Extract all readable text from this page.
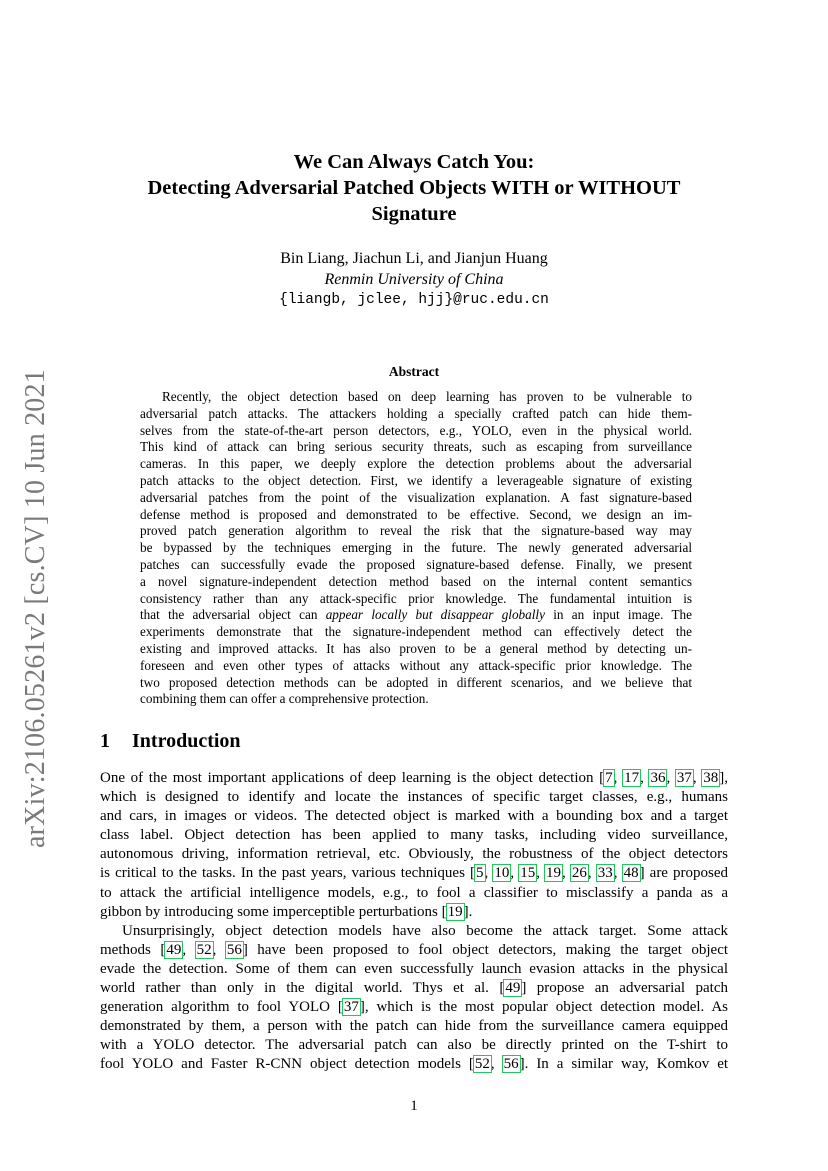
arXiv:2106.05261v2 [cs.CV] 10 Jun 2021
We Can Always Catch You:
Detecting Adversarial Patched Objects WITH or WITHOUT
Signature
Bin Liang, Jiachun Li, and Jianjun Huang
Renmin University of China
{liangb, jclee, hjj}@ruc.edu.cn
Abstract
Recently, the object detection based on deep learning has proven to be vulnerable to
adversarial patch attacks. The attackers holding a specially crafted patch can hide them-
selves from the state-of-the-art person detectors, e.g., YOLO, even in the physical world.
This kind of attack can bring serious security threats, such as escaping from surveillance
cameras. In this paper, we deeply explore the detection problems about the adversarial
patch attacks to the object detection. First, we identify a leverageable signature of existing
adversarial patches from the point of the visualization explanation. A fast signature-based
defense method is proposed and demonstrated to be effective. Second, we design an im-
proved patch generation algorithm to reveal the risk that the signature-based way may
be bypassed by the techniques emerging in the future. The newly generated adversarial
patches can successfully evade the proposed signature-based defense. Finally, we present
a novel signature-independent detection method based on the internal content semantics
consistency rather than any attack-specific prior knowledge. The fundamental intuition is
that the adversarial object can appear locally but disappear globally in an input image. The
experiments demonstrate that the signature-independent method can effectively detect the
existing and improved attacks. It has also proven to be a general method by detecting un-
foreseen and even other types of attacks without any attack-specific prior knowledge. The
two proposed detection methods can be adopted in different scenarios, and we believe that
combining them can offer a comprehensive protection.
1 Introduction
One of the most important applications of deep learning is the object detection [7, 17, 36, 37, 38],
which is designed to identify and locate the instances of specific target classes, e.g., humans
and cars, in images or videos. The detected object is marked with a bounding box and a target
class label. Object detection has been applied to many tasks, including video surveillance,
autonomous driving, information retrieval, etc. Obviously, the robustness of the object detectors
is critical to the tasks. In the past years, various techniques [5, 10, 15, 19, 26, 33, 48] are proposed
to attack the artificial intelligence models, e.g., to fool a classifier to misclassify a panda as a
gibbon by introducing some imperceptible perturbations [19].
Unsurprisingly, object detection models have also become the attack target. Some attack
methods [49, 52, 56] have been proposed to fool object detectors, making the target object
evade the detection. Some of them can even successfully launch evasion attacks in the physical
world rather than only in the digital world. Thys et al. [49] propose an adversarial patch
generation algorithm to fool YOLO [37], which is the most popular object detection model. As
demonstrated by them, a person with the patch can hide from the surveillance camera equipped
with a YOLO detector. The adversarial patch can also be directly printed on the T-shirt to
fool YOLO and Faster R-CNN object detection models [52, 56]. In a similar way, Komkov et
1
